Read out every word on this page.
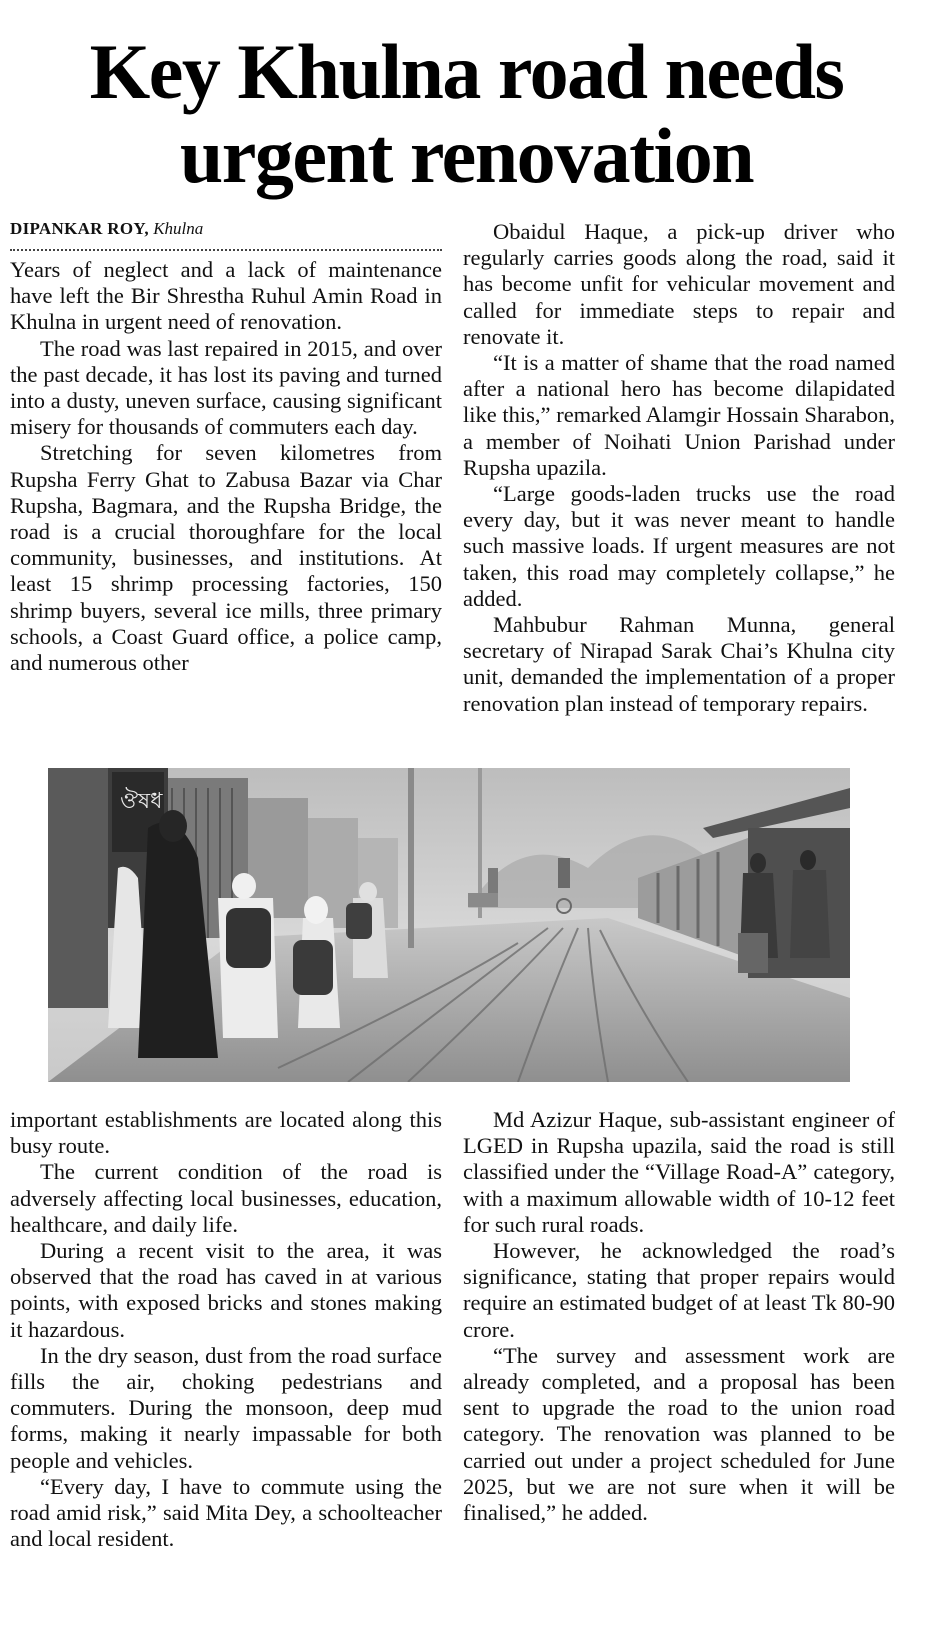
Key Khulna road needs
urgent renovation
DIPANKAR ROY, Khulna

Years of neglect and a lack of maintenance have left the Bir Shrestha Ruhul Amin Road in Khulna in urgent need of renovation.

The road was last repaired in 2015, and over the past decade, it has lost its paving and turned into a dusty, uneven surface, causing significant misery for thousands of commuters each day.

Stretching for seven kilometres from Rupsha Ferry Ghat to Zabusa Bazar via Char Rupsha, Bagmara, and the Rupsha Bridge, the road is a crucial thoroughfare for the local community, businesses, and institutions. At least 15 shrimp processing factories, 150 shrimp buyers, several ice mills, three primary schools, a Coast Guard office, a police camp, and numerous other

Obaidul Haque, a pick-up driver who regularly carries goods along the road, said it has become unfit for vehicular movement and called for immediate steps to repair and renovate it.

“It is a matter of shame that the road named after a national hero has become dilapidated like this,” remarked Alamgir Hossain Sharabon, a member of Noihati Union Parishad under Rupsha upazila.

“Large goods-laden trucks use the road every day, but it was never meant to handle such massive loads. If urgent measures are not taken, this road may completely collapse,” he added.

Mahbubur Rahman Munna, general secretary of Nirapad Sarak Chai’s Khulna city unit, demanded the implementation of a proper renovation plan instead of temporary repairs.

ঔষধ

important establishments are located along this busy route.

The current condition of the road is adversely affecting local businesses, education, healthcare, and daily life.

During a recent visit to the area, it was observed that the road has caved in at various points, with exposed bricks and stones making it hazardous.

In the dry season, dust from the road surface fills the air, choking pedestrians and commuters. During the monsoon, deep mud forms, making it nearly impassable for both people and vehicles.

“Every day, I have to commute using the road amid risk,” said Mita Dey, a schoolteacher and local resident.

Md Azizur Haque, sub-assistant engineer of LGED in Rupsha upazila, said the road is still classified under the “Village Road-A” category, with a maximum allowable width of 10-12 feet for such rural roads.

However, he acknowledged the road’s significance, stating that proper repairs would require an estimated budget of at least Tk 80-90 crore.

“The survey and assessment work are already completed, and a proposal has been sent to upgrade the road to the union road category. The renovation was planned to be carried out under a project scheduled for June 2025, but we are not sure when it will be finalised,” he added.
